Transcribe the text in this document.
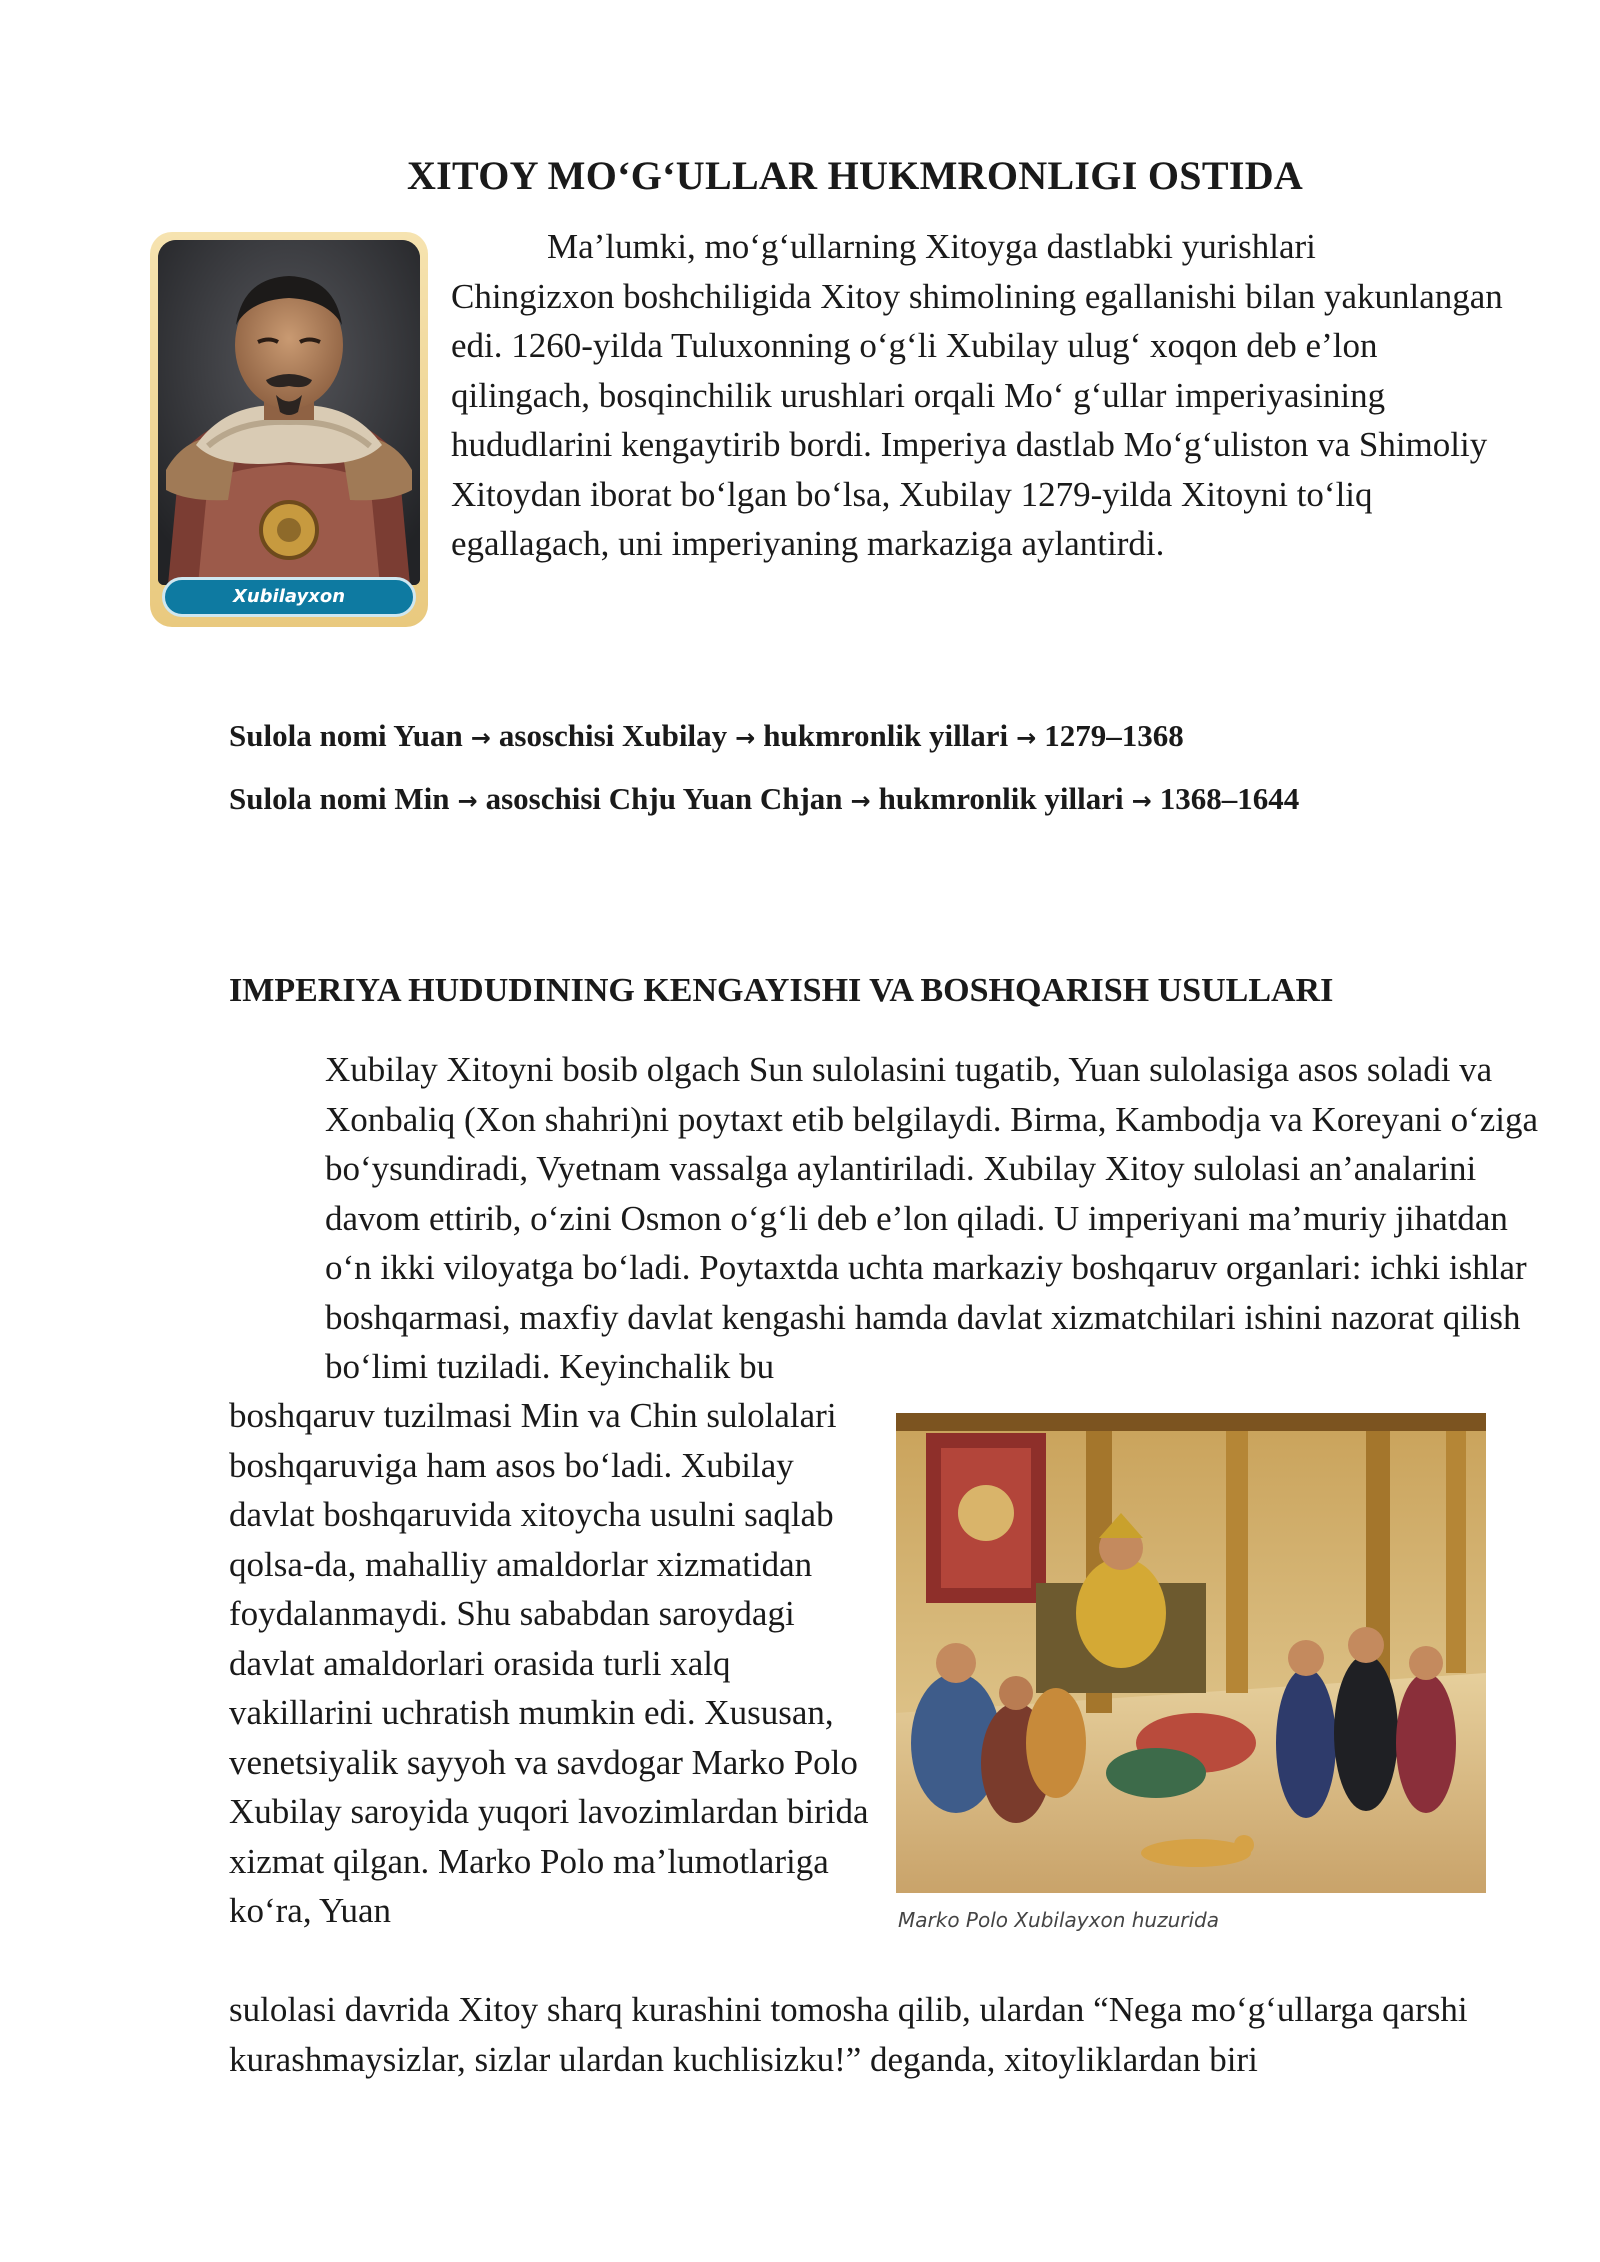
XITOY MO‘G‘ULLAR HUKMRONLIGI OSTIDA
Xubilayxon
Ma’lumki, mo‘g‘ullarning Xitoyga dastlabki yurishlari
Chingizxon boshchiligida Xitoy shimolining egallanishi bilan yakunlangan edi. 1260-yilda Tuluxonning o‘g‘li Xubilay ulug‘ xoqon deb e’lon qilingach, bosqinchilik urushlari orqali Mo‘ g‘ullar imperiyasining hududlarini kengaytirib bordi. Imperiya dastlab Mo‘g‘uliston va Shimoliy Xitoydan iborat bo‘lgan bo‘lsa, Xubilay 1279-yilda Xitoyni to‘liq egallagach, uni imperiyaning markaziga aylantirdi.
Sulola nomi Yuan → asoschisi Xubilay → hukmronlik yillari → 1279–1368
Sulola nomi Min → asoschisi Chju Yuan Chjan → hukmronlik yillari → 1368–1644
IMPERIYA HUDUDINING KENGAYISHI VA BOSHQARISH USULLARI
Xubilay Xitoyni bosib olgach Sun sulolasini tugatib, Yuan sulolasiga asos soladi va Xonbaliq (Xon shahri)ni poytaxt etib belgilaydi. Birma, Kambodja va Koreyani o‘ziga bo‘ysundiradi, Vyetnam vassalga aylantiriladi. Xubilay Xitoy sulolasi an’analarini davom ettirib, o‘zini Osmon o‘g‘li deb e’lon qiladi. U imperiyani ma’muriy jihatdan o‘n ikki viloyatga bo‘ladi. Poytaxtda uchta markaziy boshqaruv organlari: ichki ishlar boshqarmasi, maxfiy davlat kengashi hamda davlat xizmatchilari ishini nazorat qilish bo‘limi tuziladi. Keyinchalik bu
boshqaruv tuzilmasi Min va Chin sulolalari boshqaruviga ham asos bo‘ladi. Xubilay davlat boshqaruvida xitoycha usulni saqlab qolsa-da, mahalliy amaldorlar xizmatidan foydalanmaydi. Shu sababdan saroydagi davlat amaldorlari orasida turli xalq vakillarini uchratish mumkin edi. Xususan, venetsiyalik sayyoh va savdogar Marko Polo Xubilay saroyida yuqori lavozimlardan birida xizmat qilgan. Marko Polo ma’lumotlariga ko‘ra, Yuan	Marko Polo Xubilayxon huzurida
sulolasi davrida Xitoy sharq kurashini tomosha qilib, ulardan “Nega mo‘g‘ullarga qarshi kurashmaysizlar, sizlar ulardan kuchlisizku!” deganda, xitoyliklardan biri
